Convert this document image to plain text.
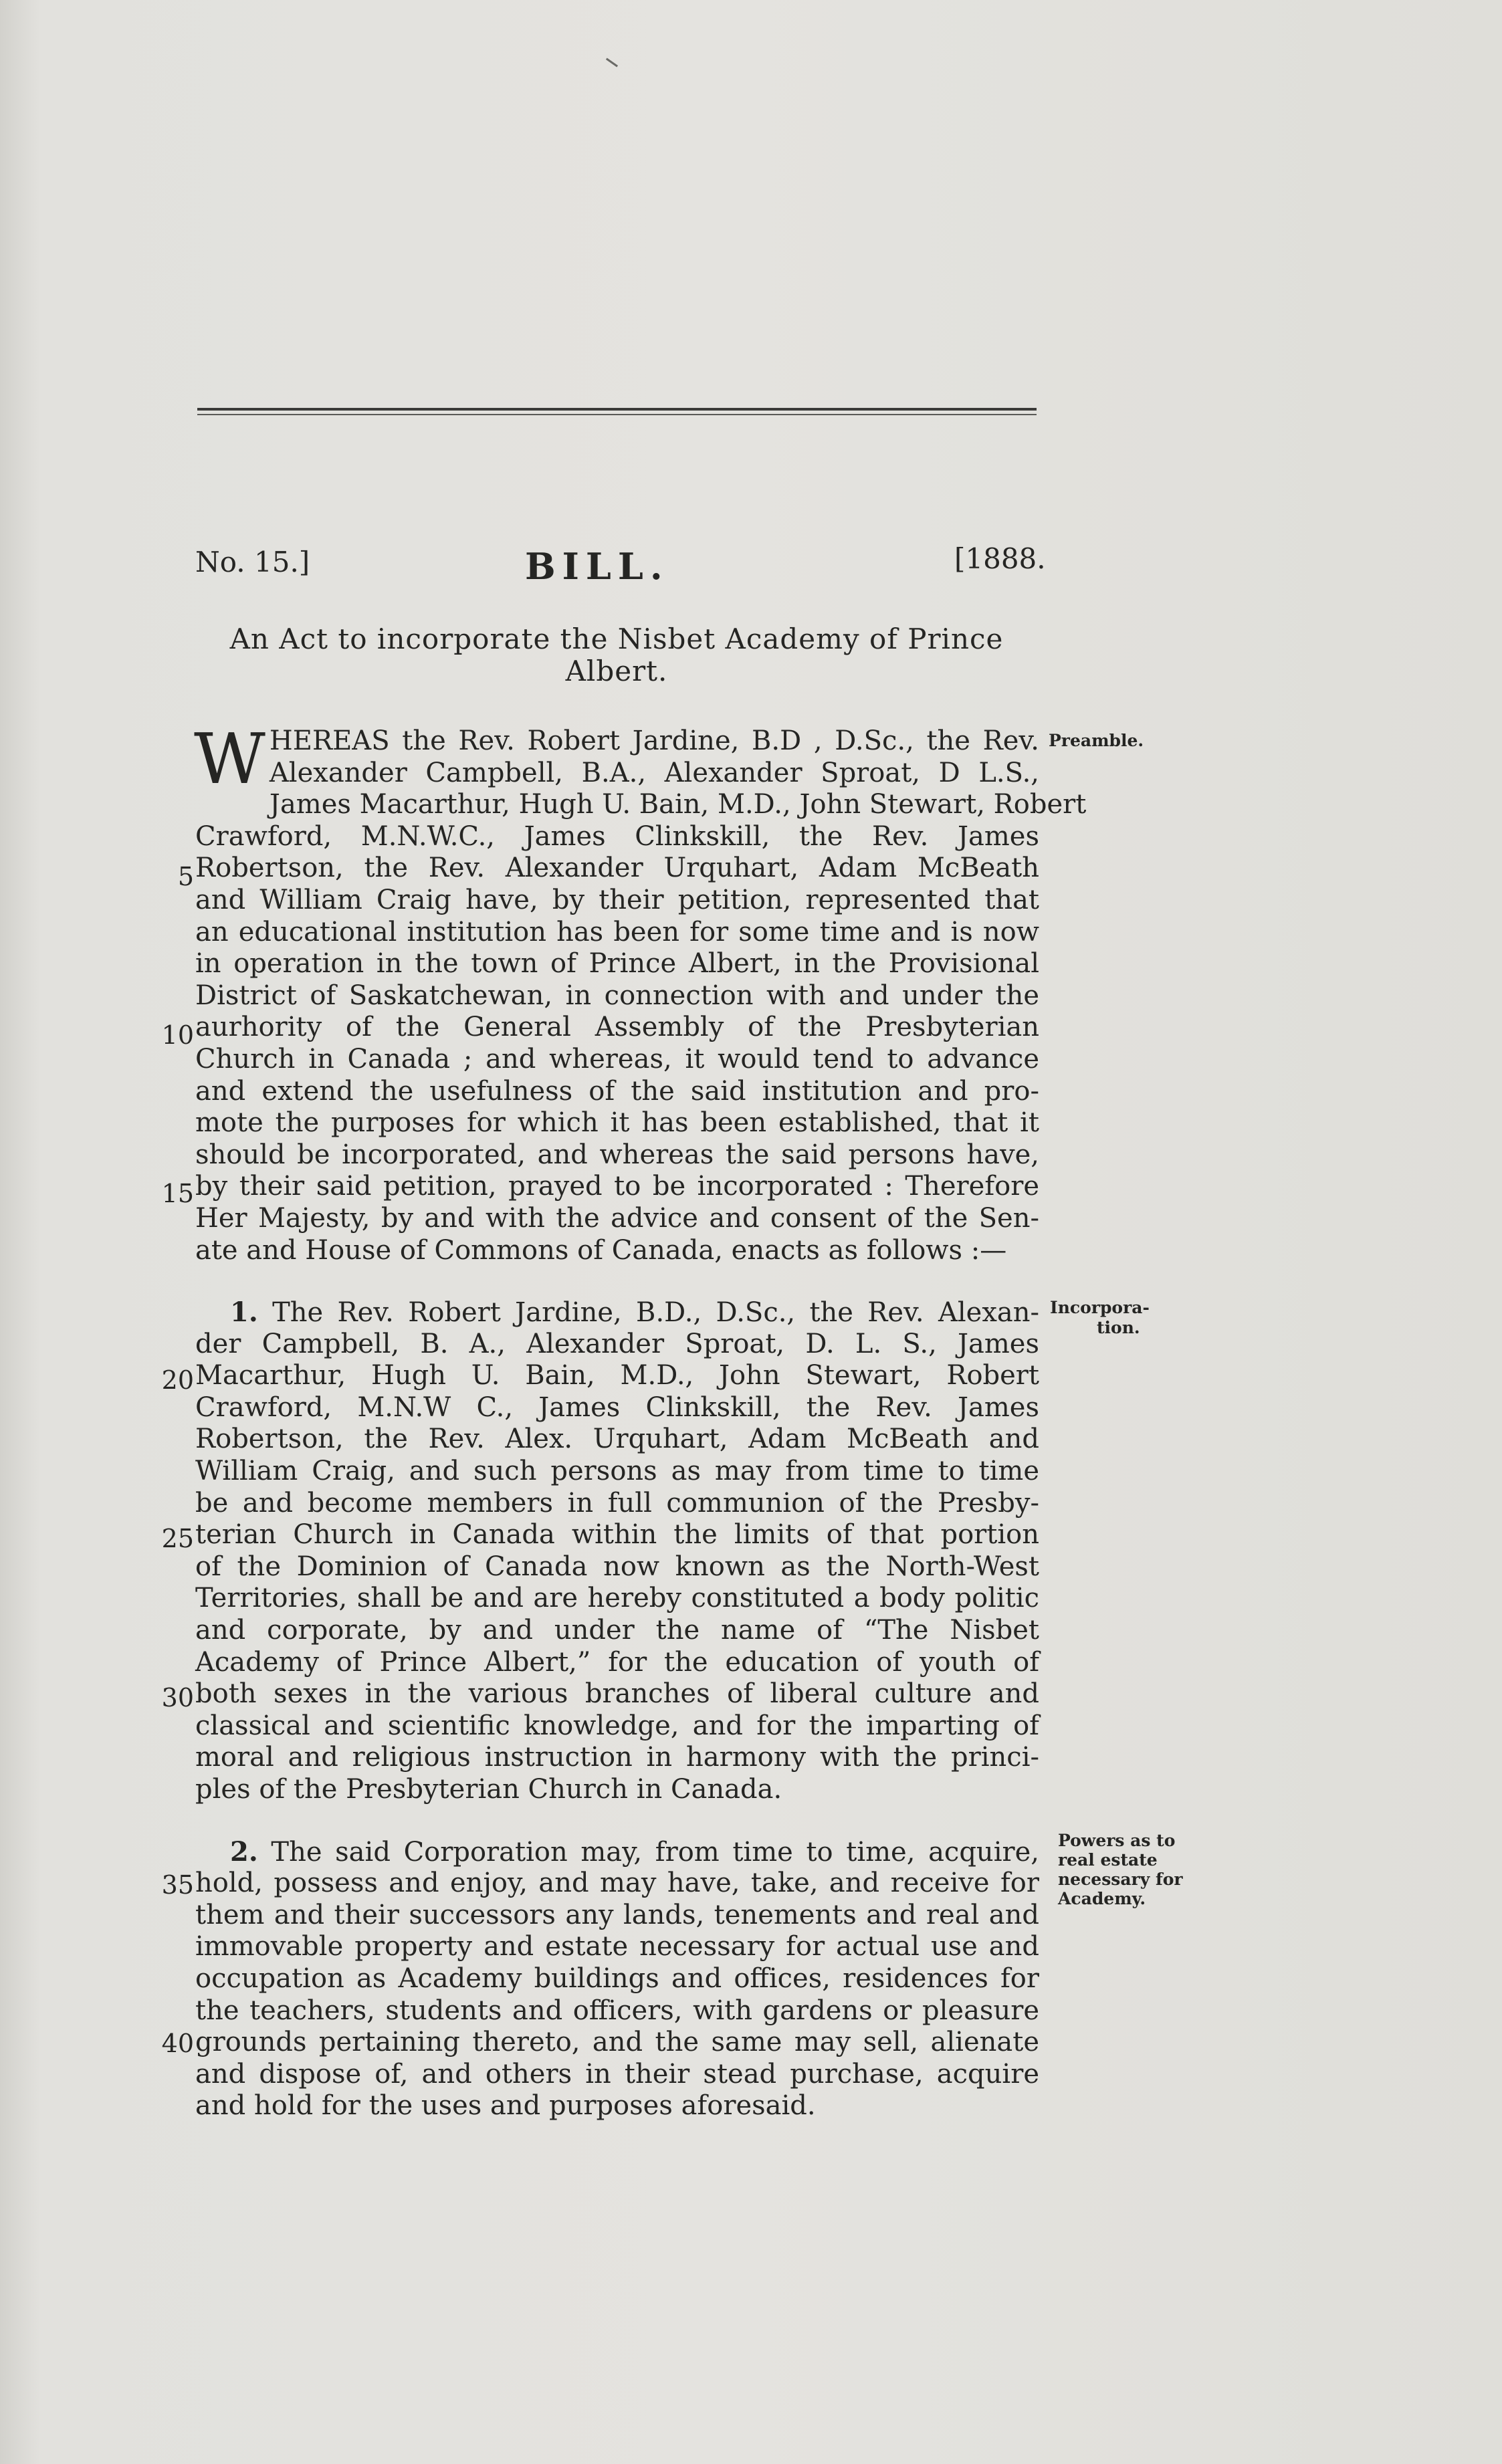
No. 15.]	BILL.	[1888.
An Act to incorporate the Nisbet Academy of Prince
Albert.
Preamble.
Incorpora-
tion.
Powers as to
real estate
necessary for
Academy.
5
10
15
20
25
30
35
40
W HEREAS the Rev. Robert Jardine, B.D , D.Sc., the Rev.
Alexander Campbell, B.A., Alexander Sproat, D L.S.,
James Macarthur, Hugh U. Bain, M.D., John Stewart, Robert
Crawford, M.N.W.C., James Clinkskill, the Rev. James
Robertson, the Rev. Alexander Urquhart, Adam McBeath
and William Craig have, by their petition, represented that
an educational institution has been for some time and is now
in operation in the town of Prince Albert, in the Provisional
District of Saskatchewan, in connection with and under the
aurhority of the General Assembly of the Presbyterian
Church in Canada ; and whereas, it would tend to advance
and extend the usefulness of the said institution and pro-
mote the purposes for which it has been established, that it
should be incorporated, and whereas the said persons have,
by their said petition, prayed to be incorporated : Therefore
Her Majesty, by and with the advice and consent of the Sen-
ate and House of Commons of Canada, enacts as follows :—
1. The Rev. Robert Jardine, B.D., D.Sc., the Rev. Alexan-
der Campbell, B. A., Alexander Sproat, D. L. S., James
Macarthur, Hugh U. Bain, M.D., John Stewart, Robert
Crawford, M.N.W C., James Clinkskill, the Rev. James
Robertson, the Rev. Alex. Urquhart, Adam McBeath and
William Craig, and such persons as may from time to time
be and become members in full communion of the Presby-
terian Church in Canada within the limits of that portion
of the Dominion of Canada now known as the North-West
Territories, shall be and are hereby constituted a body politic
and corporate, by and under the name of “The Nisbet
Academy of Prince Albert,” for the education of youth of
both sexes in the various branches of liberal culture and
classical and scientific knowledge, and for the imparting of
moral and religious instruction in harmony with the princi-
ples of the Presbyterian Church in Canada.
2. The said Corporation may, from time to time, acquire,
hold, possess and enjoy, and may have, take, and receive for
them and their successors any lands, tenements and real and
immovable property and estate necessary for actual use and
occupation as Academy buildings and offices, residences for
the teachers, students and officers, with gardens or pleasure
grounds pertaining thereto, and the same may sell, alienate
and dispose of, and others in their stead purchase, acquire
and hold for the uses and purposes aforesaid.
